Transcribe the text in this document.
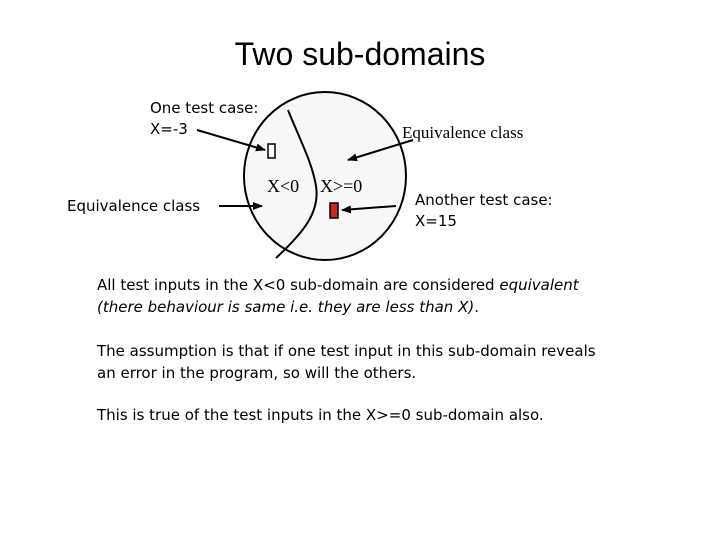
Two sub-domains
One test case:
X=-3	Equivalence class
Equivalence class
X<0 X>=0
Another test case:
X=15
All test inputs in the X<0 sub-domain are considered equivalent
(there behaviour is same i.e. they are less than X).
The assumption is that if one test input in this sub-domain reveals
an error in the program, so will the others.
This is true of the test inputs in the X>=0 sub-domain also.
